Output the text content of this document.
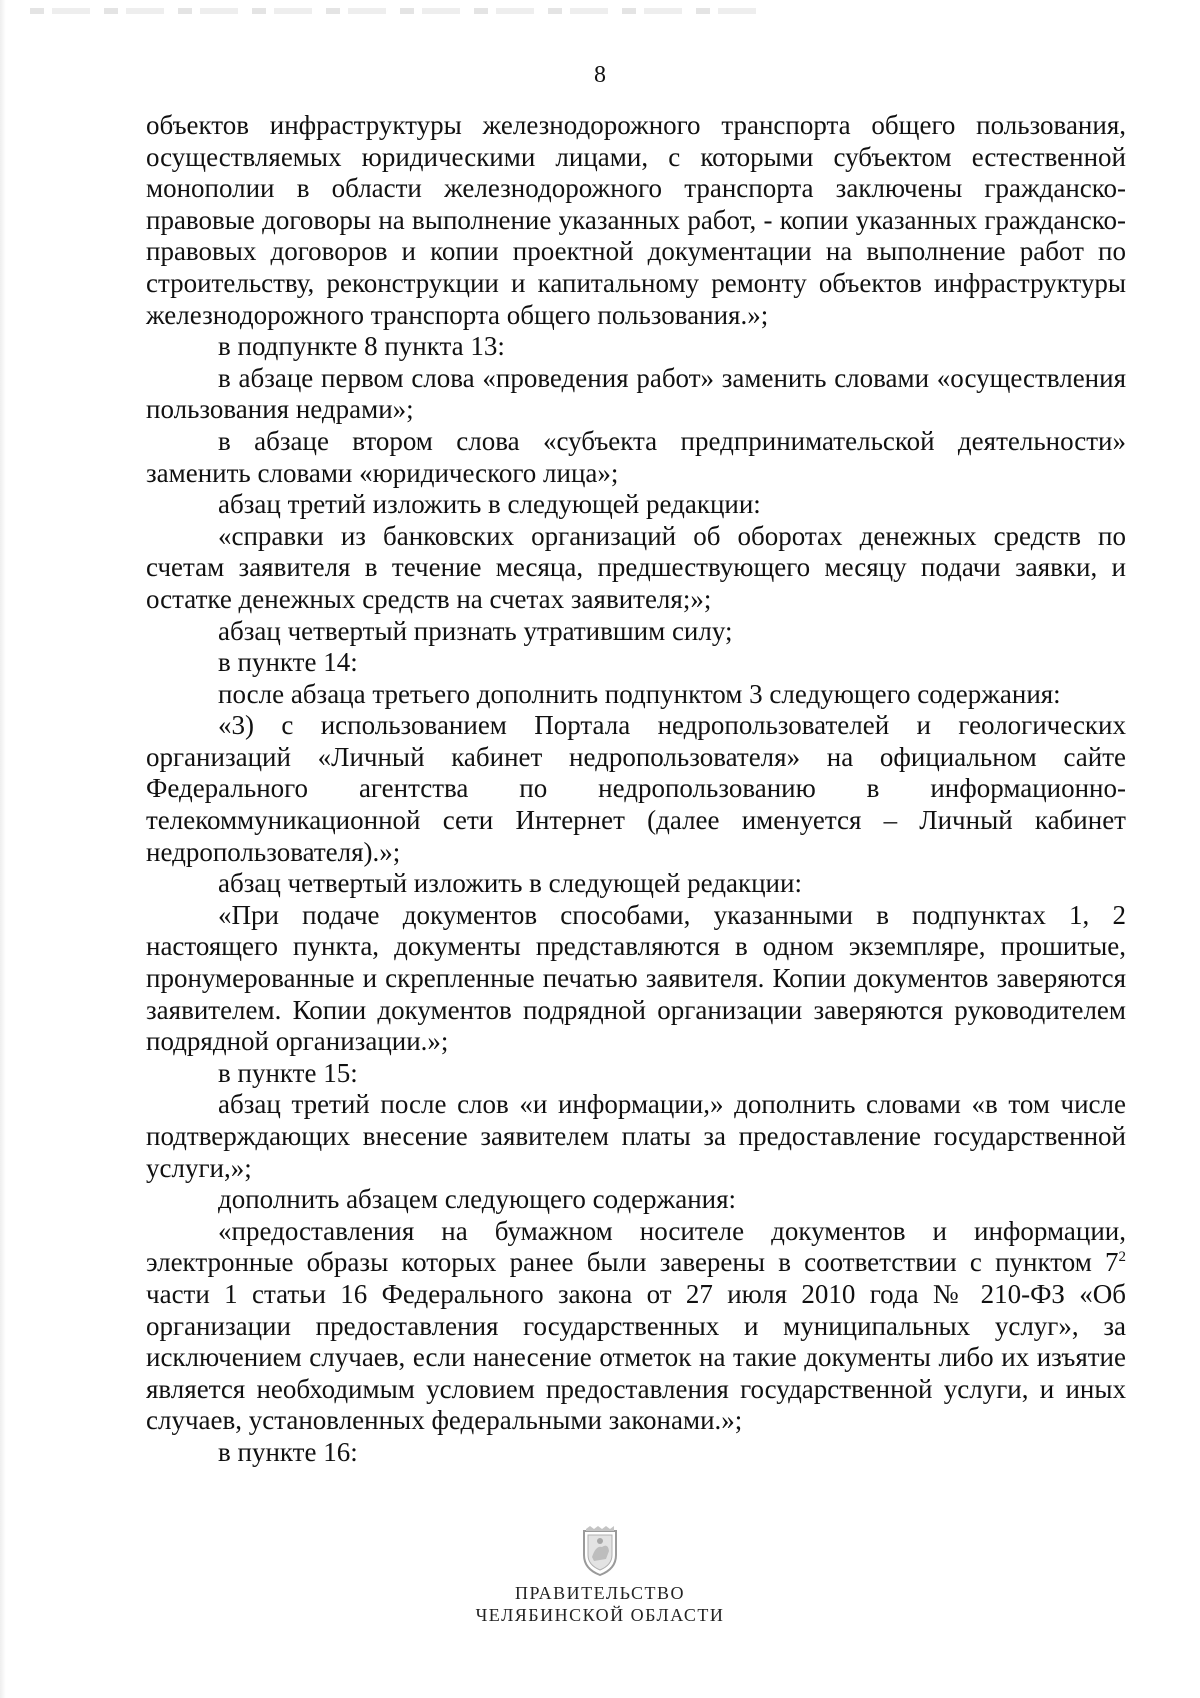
8

объектов инфраструктуры железнодорожного транспорта общего пользования, осуществляемых юридическими лицами, с которыми субъектом естественной монополии в области железнодорожного транспорта заключены гражданско-правовые договоры на выполнение указанных работ, - копии указанных гражданско-правовых договоров и копии проектной документации на выполнение работ по строительству, реконструкции и капитальному ремонту объектов инфраструктуры железнодорожного транспорта общего пользования.»;

в подпункте 8 пункта 13:

в абзаце первом слова «проведения работ» заменить словами «осуществления пользования недрами»;

в абзаце втором слова «субъекта предпринимательской деятельности» заменить словами «юридического лица»;

абзац третий изложить в следующей редакции:

«справки из банковских организаций об оборотах денежных средств по счетам заявителя в течение месяца, предшествующего месяцу подачи заявки, и остатке денежных средств на счетах заявителя;»;

абзац четвертый признать утратившим силу;

в пункте 14:

после абзаца третьего дополнить подпунктом 3 следующего содержания:

«3) с использованием Портала недропользователей и геологических организаций «Личный кабинет недропользователя» на официальном сайте Федерального агентства по недропользованию в информационно-телекоммуникационной сети Интернет (далее именуется – Личный кабинет недропользователя).»;

абзац четвертый изложить в следующей редакции:

«При подаче документов способами, указанными в подпунктах 1, 2 настоящего пункта, документы представляются в одном экземпляре, прошитые, пронумерованные и скрепленные печатью заявителя. Копии документов заверяются заявителем. Копии документов подрядной организации заверяются руководителем подрядной организации.»;

в пункте 15:

абзац третий после слов «и информации,» дополнить словами «в том числе подтверждающих внесение заявителем платы за предоставление государственной услуги,»;

дополнить абзацем следующего содержания:

«предоставления на бумажном носителе документов и информации, электронные образы которых ранее были заверены в соответствии с пунктом $7^2$ части 1 статьи 16 Федерального закона от 27 июля 2010 года № 210-ФЗ «Об организации предоставления государственных и муниципальных услуг», за исключением случаев, если нанесение отметок на такие документы либо их изъятие является необходимым условием предоставления государственной услуги, и иных случаев, установленных федеральными законами.»;

в пункте 16:

ПРАВИТЕЛЬСТВО
ЧЕЛЯБИНСКОЙ ОБЛАСТИ
